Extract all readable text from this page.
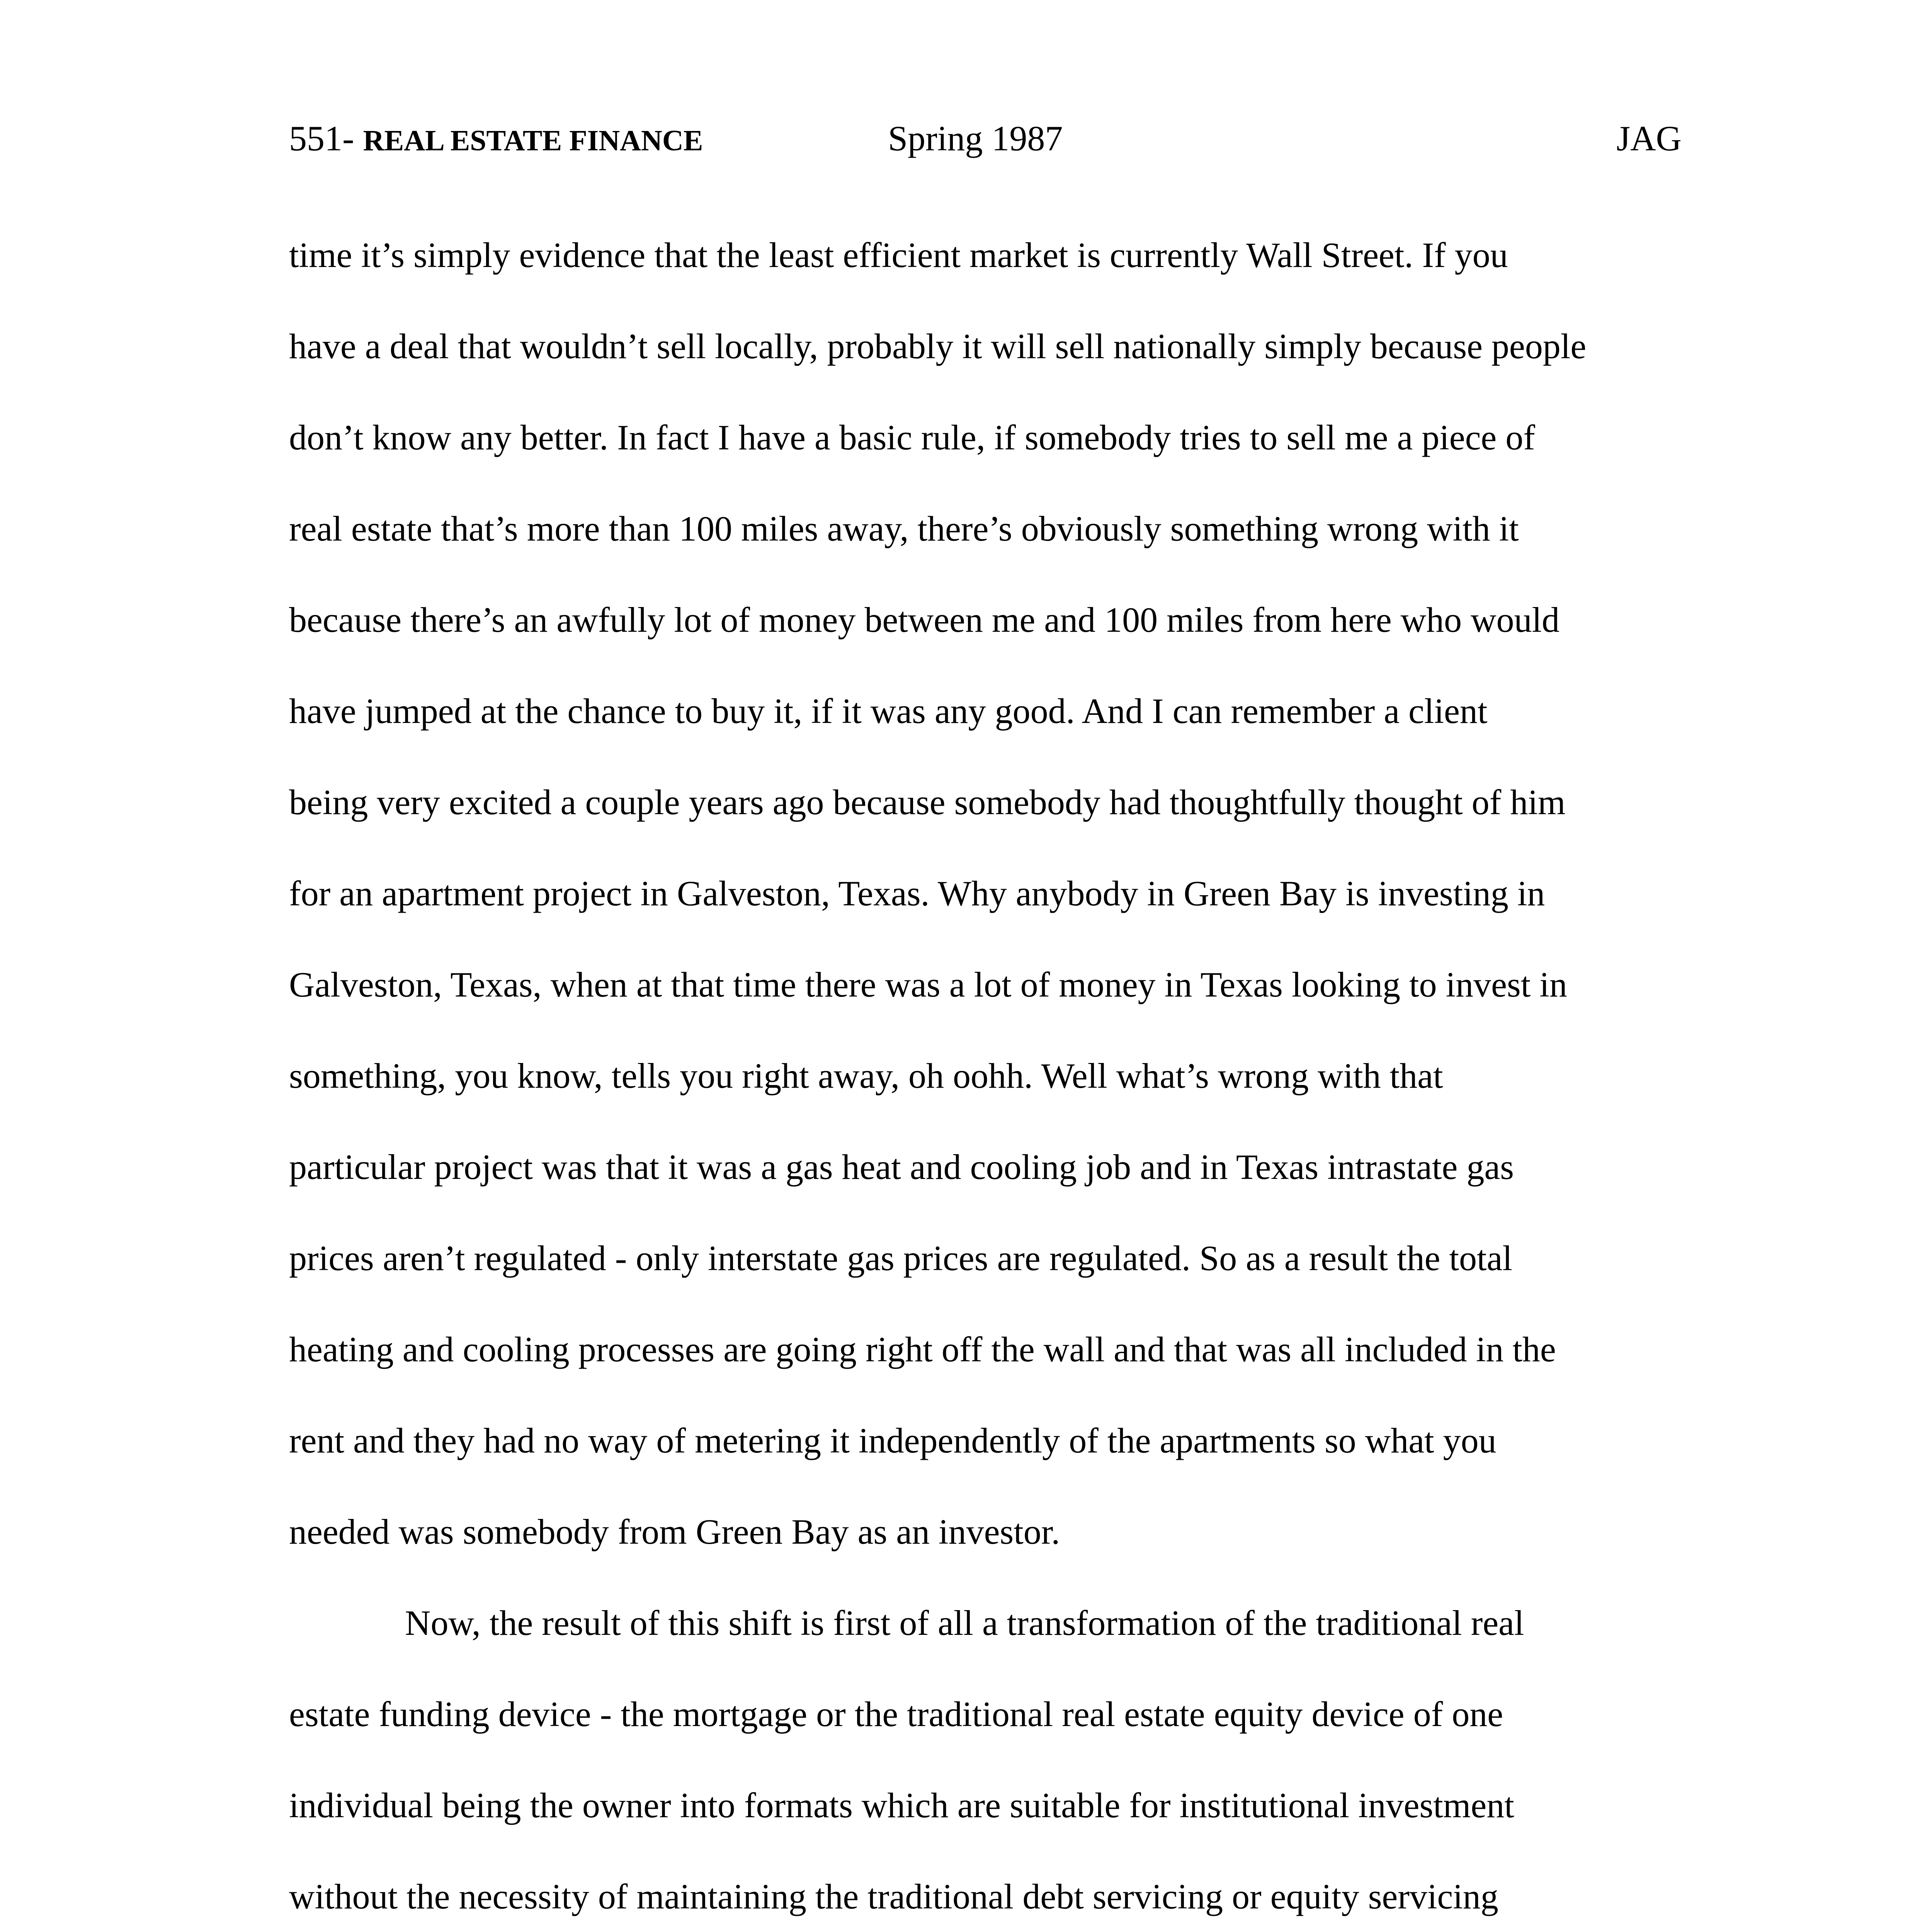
551- REAL ESTATE FINANCE	Spring 1987	JAG
time it’s simply evidence that the least efficient market is currently Wall Street. If you
have a deal that wouldn’t sell locally, probably it will sell nationally simply because people
don’t know any better. In fact I have a basic rule, if somebody tries to sell me a piece of
real estate that’s more than 100 miles away, there’s obviously something wrong with it
because there’s an awfully lot of money between me and 100 miles from here who would
have jumped at the chance to buy it, if it was any good. And I can remember a client
being very excited a couple years ago because somebody had thoughtfully thought of him
for an apartment project in Galveston, Texas. Why anybody in Green Bay is investing in
Galveston, Texas, when at that time there was a lot of money in Texas looking to invest in
something, you know, tells you right away, oh oohh. Well what’s wrong with that
particular project was that it was a gas heat and cooling job and in Texas intrastate gas
prices aren’t regulated - only interstate gas prices are regulated. So as a result the total
heating and cooling processes are going right off the wall and that was all included in the
rent and they had no way of metering it independently of the apartments so what you
needed was somebody from Green Bay as an investor.
Now, the result of this shift is first of all a transformation of the traditional real
estate funding device - the mortgage or the traditional real estate equity device of one
individual being the owner into formats which are suitable for institutional investment
without the necessity of maintaining the traditional debt servicing or equity servicing
